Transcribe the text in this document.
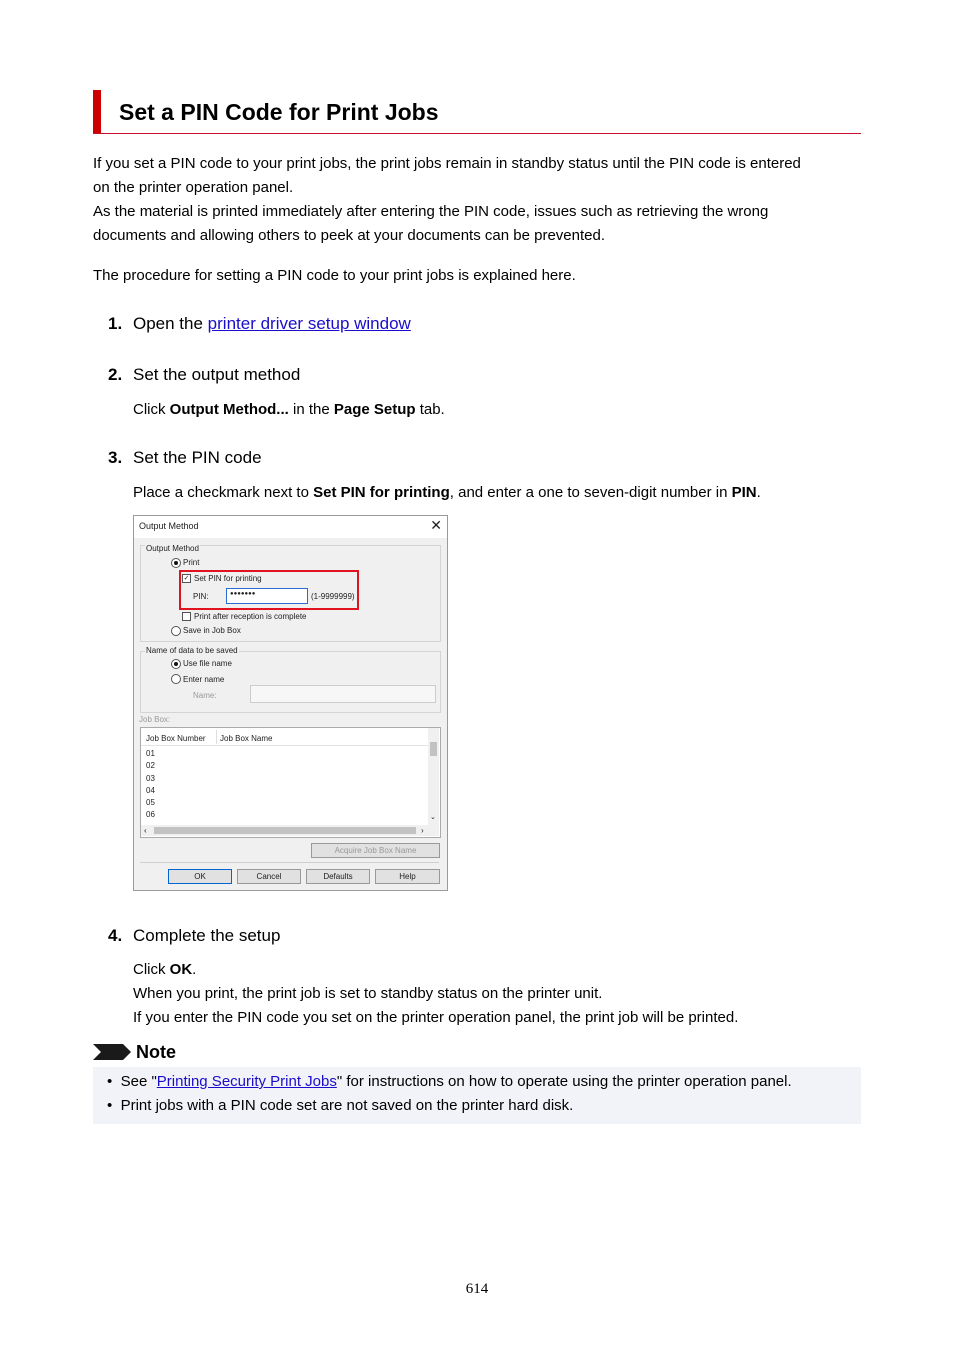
Set a PIN Code for Print Jobs
If you set a PIN code to your print jobs, the print jobs remain in standby status until the PIN code is entered
on the printer operation panel.
As the material is printed immediately after entering the PIN code, issues such as retrieving the wrong
documents and allowing others to peek at your documents can be prevented.
The procedure for setting a PIN code to your print jobs is explained here.
1. Open the printer driver setup window
2. Set the output method
Click Output Method... in the Page Setup tab.
3. Set the PIN code
Place a checkmark next to Set PIN for printing, and enter a one to seven-digit number in PIN.
Output Method	✕
Output Method
Print
✓ Set PIN for printing
PIN:	●●●●●●●	(1-9999999)
Print after reception is complete
Save in Job Box
Name of data to be saved
Use file name
Enter name
Name:
Job Box:
Job Box Number Job Box Name
01
02
03
04
05
06	⌄
‹	›
Acquire Job Box Name
OK	Cancel	Defaults	Help
4. Complete the setup
Click OK.
When you print, the print job is set to standby status on the printer unit.
If you enter the PIN code you set on the printer operation panel, the print job will be printed.
Note
•  See "Printing Security Print Jobs" for instructions on how to operate using the printer operation panel.
•  Print jobs with a PIN code set are not saved on the printer hard disk.
614
